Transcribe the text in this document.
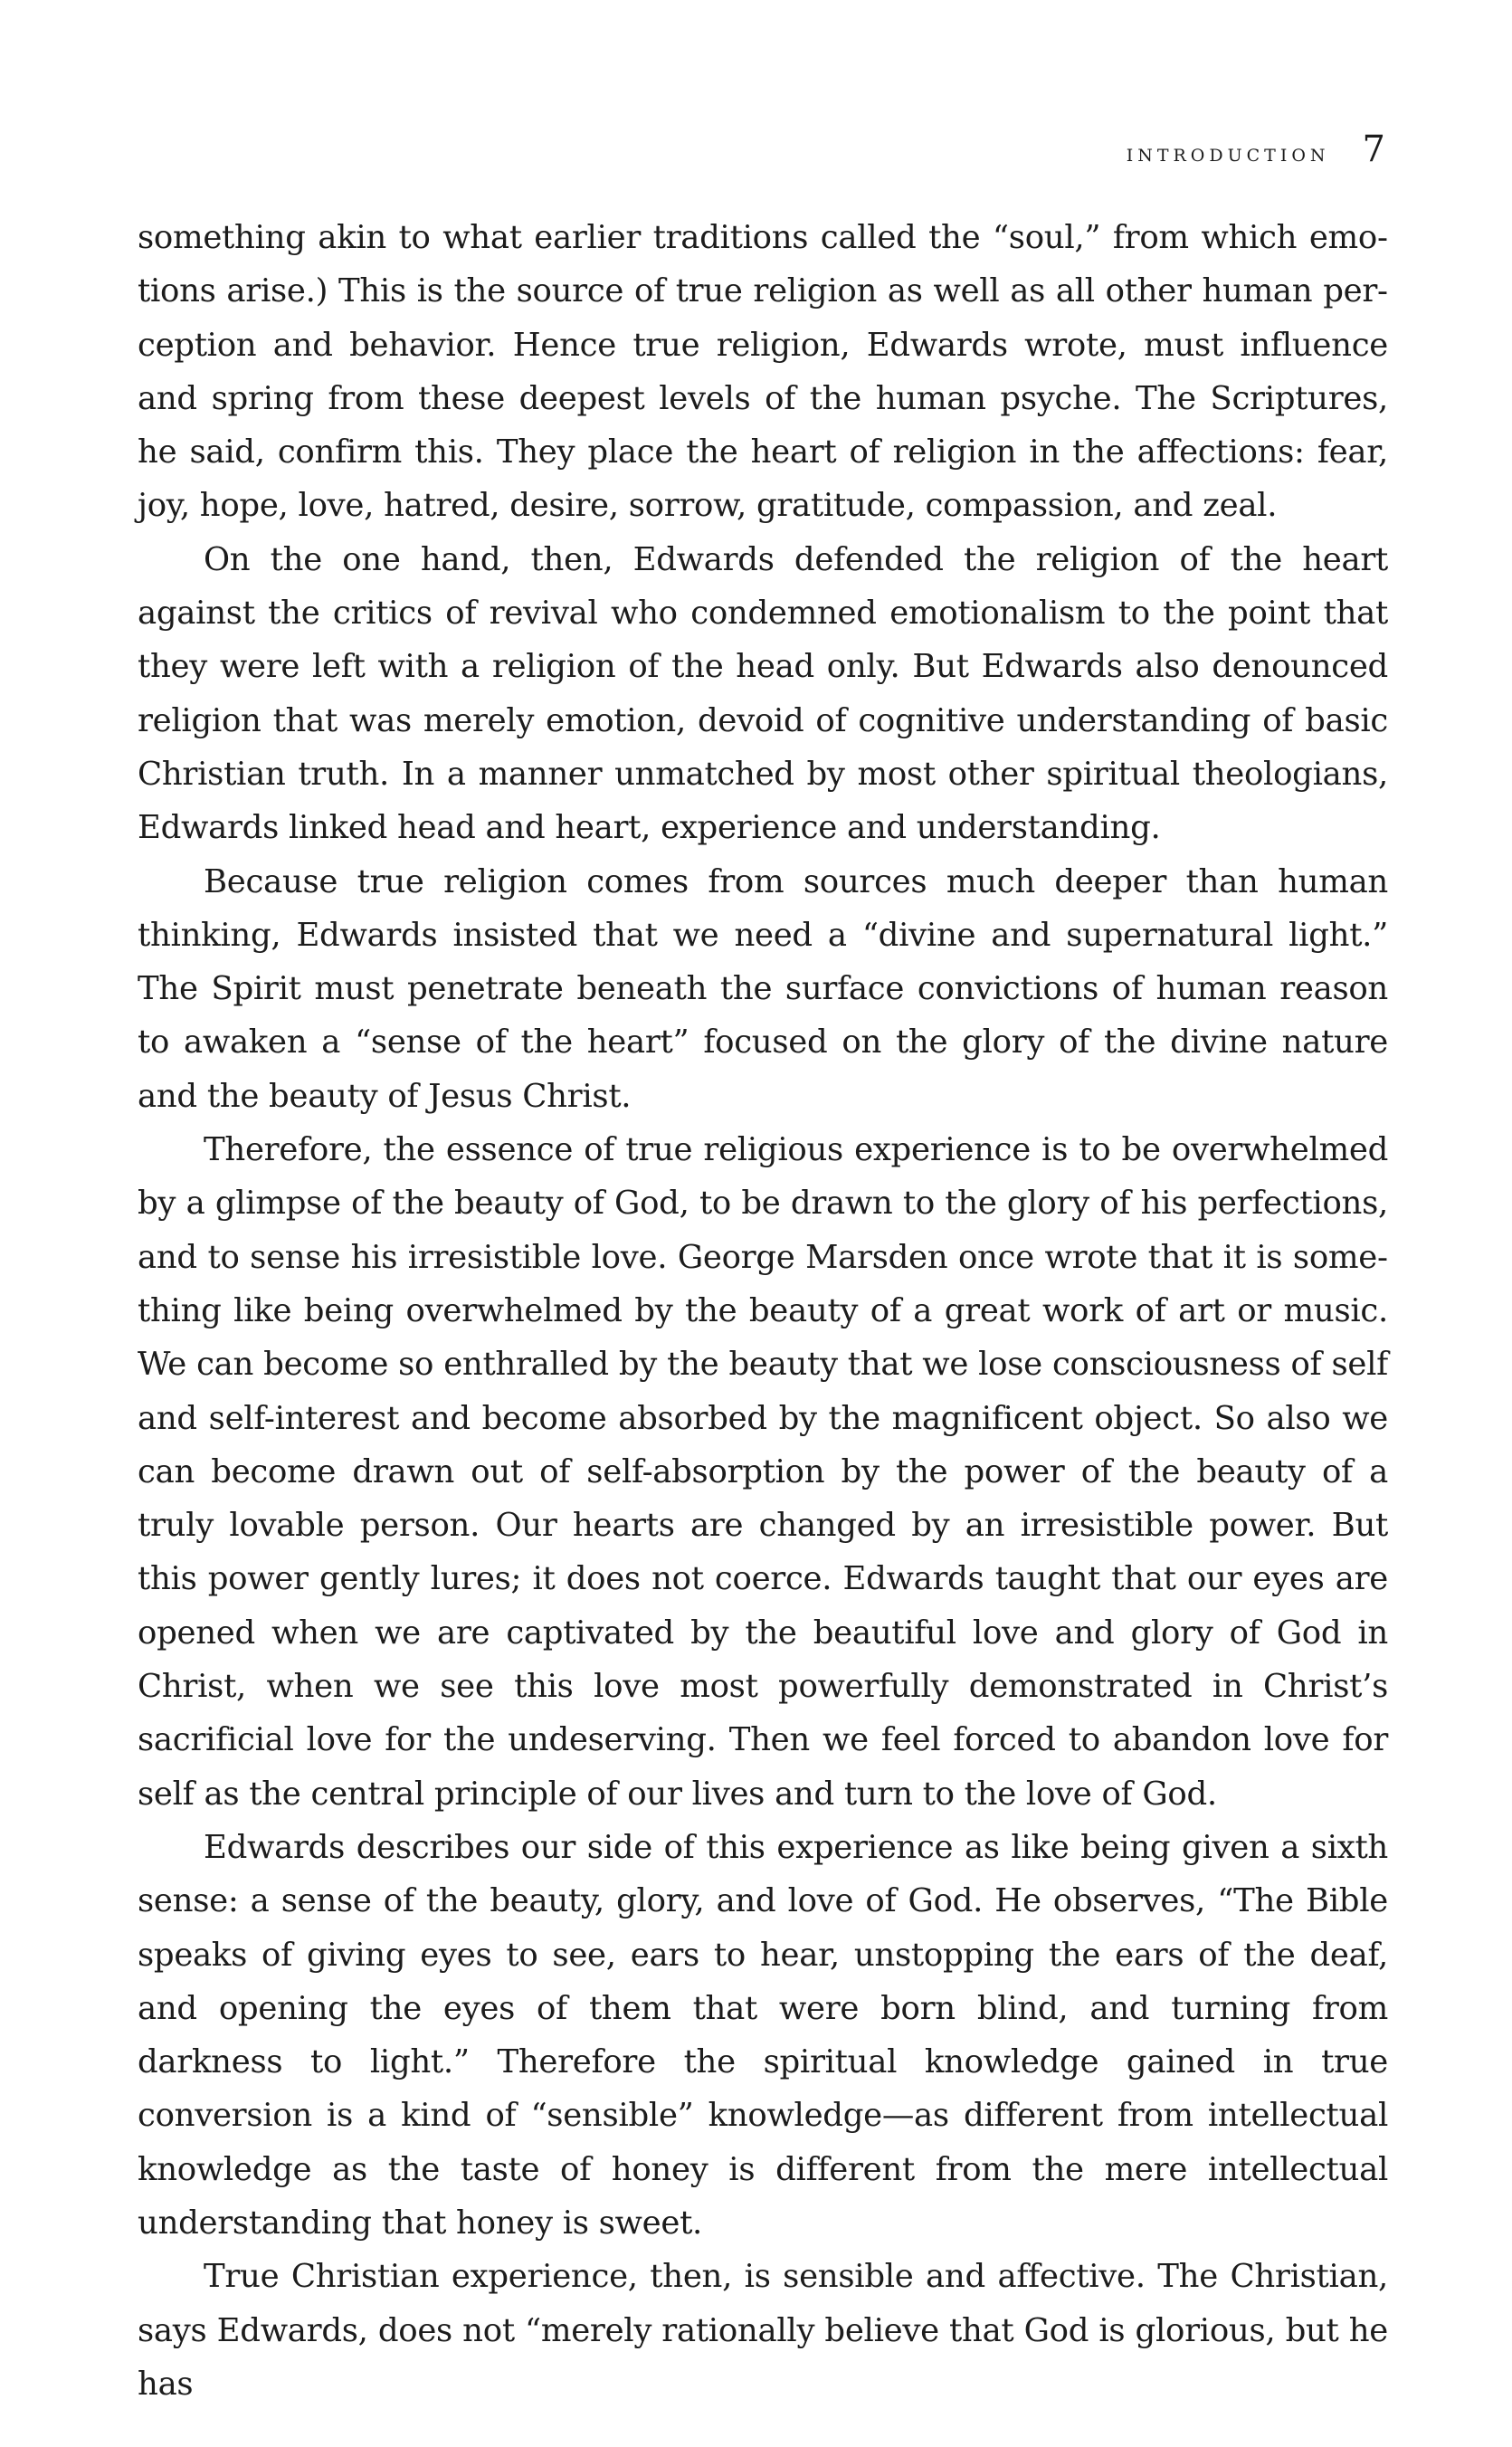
introduction 7

something akin to what earlier traditions called the “soul,” from which emotions arise.) This is the source of true religion as well as all other human perception and behavior. Hence true religion, Edwards wrote, must influence and spring from these deepest levels of the human psyche. The Scriptures, he said, confirm this. They place the heart of religion in the affections: fear, joy, hope, love, hatred, desire, sorrow, gratitude, compassion, and zeal.

On the one hand, then, Edwards defended the religion of the heart against the critics of revival who condemned emotionalism to the point that they were left with a religion of the head only. But Edwards also denounced religion that was merely emotion, devoid of cognitive understanding of basic Christian truth. In a manner unmatched by most other spiritual theologians, Edwards linked head and heart, experience and understanding.

Because true religion comes from sources much deeper than human thinking, Edwards insisted that we need a “divine and supernatural light.” The Spirit must penetrate beneath the surface convictions of human reason to awaken a “sense of the heart” focused on the glory of the divine nature and the beauty of Jesus Christ.

Therefore, the essence of true religious experience is to be overwhelmed by a glimpse of the beauty of God, to be drawn to the glory of his perfections, and to sense his irresistible love. George Marsden once wrote that it is something like being overwhelmed by the beauty of a great work of art or music. We can become so enthralled by the beauty that we lose consciousness of self and self-interest and become absorbed by the magnificent object. So also we can become drawn out of self-absorption by the power of the beauty of a truly lovable person. Our hearts are changed by an irresistible power. But this power gently lures; it does not coerce. Edwards taught that our eyes are opened when we are captivated by the beautiful love and glory of God in Christ, when we see this love most powerfully demonstrated in Christ’s sacrificial love for the undeserving. Then we feel forced to abandon love for self as the central principle of our lives and turn to the love of God.

Edwards describes our side of this experience as like being given a sixth sense: a sense of the beauty, glory, and love of God. He observes, “The Bible speaks of giving eyes to see, ears to hear, unstopping the ears of the deaf, and opening the eyes of them that were born blind, and turning from darkness to light.” Therefore the spiritual knowledge gained in true conversion is a kind of “sensible” knowledge—as different from intellectual knowledge as the taste of honey is different from the mere intellectual understanding that honey is sweet.

True Christian experience, then, is sensible and affective. The Christian, says Edwards, does not “merely rationally believe that God is glorious, but he has
